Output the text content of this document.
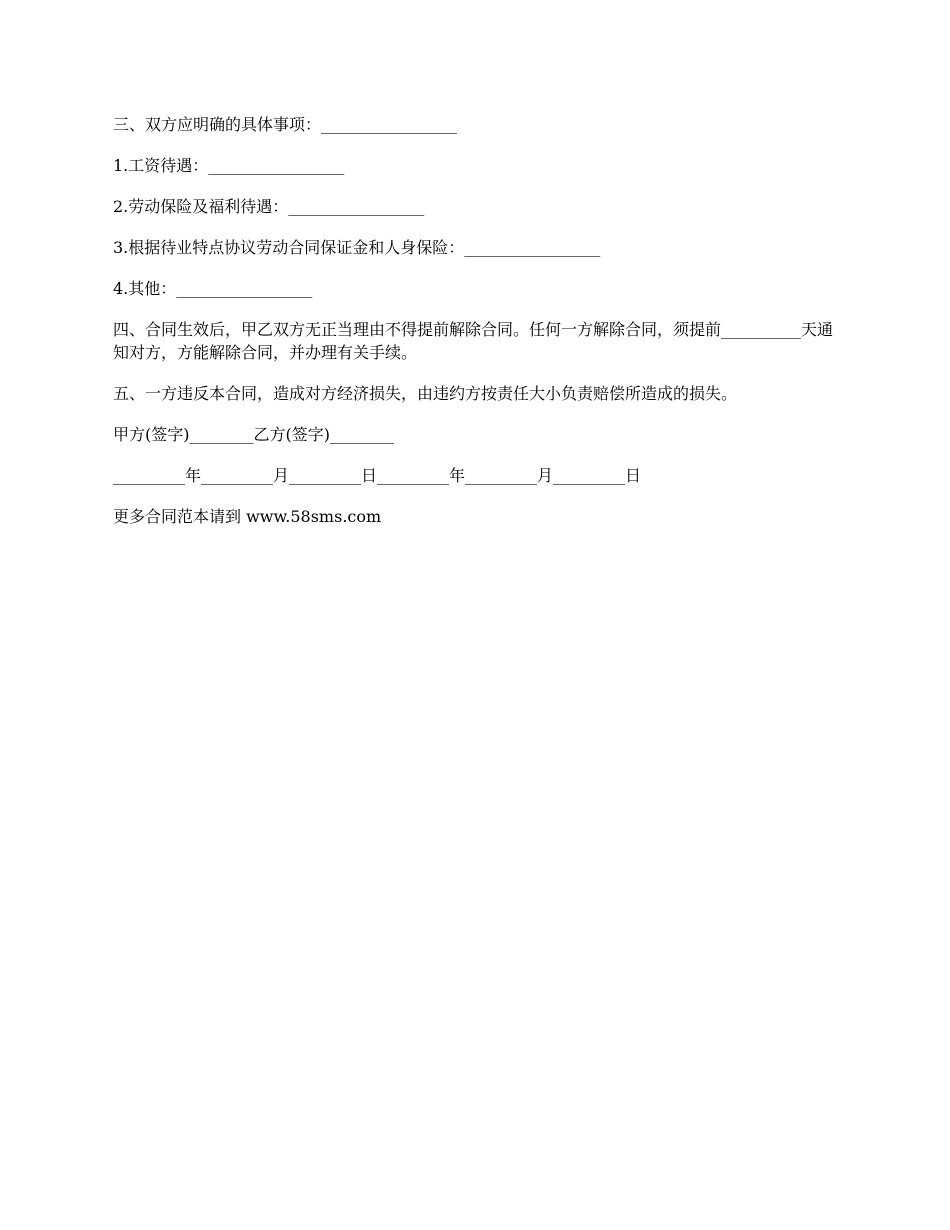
三、双方应明确的具体事项：_________________

1.工资待遇：_________________

2.劳动保险及福利待遇：_________________

3.根据待业特点协议劳动合同保证金和人身保险：_________________

4.其他：_________________

四、合同生效后，甲乙双方无正当理由不得提前解除合同。任何一方解除合同，须提前__________天通知对方，方能解除合同，并办理有关手续。

五、一方违反本合同，造成对方经济损失，由违约方按责任大小负责赔偿所造成的损失。

甲方(签字)________乙方(签字)________

_________年_________月_________日_________年_________月_________日

更多合同范本请到 www.58sms.com
